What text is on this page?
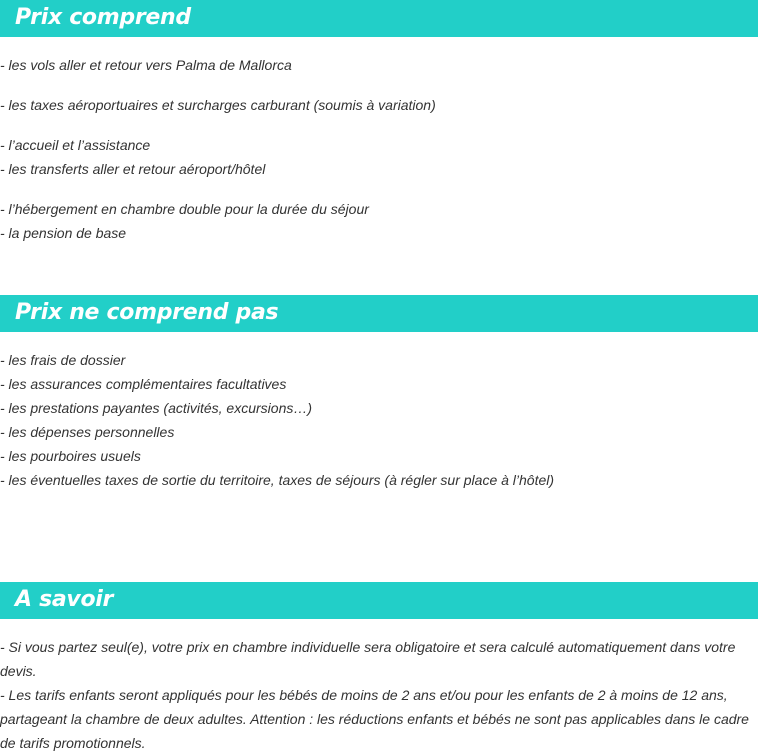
Prix comprend

- les vols aller et retour vers Palma de Mallorca

- les taxes aéroportuaires et surcharges carburant (soumis à variation)

- l’accueil et l’assistance

- les transferts aller et retour aéroport/hôtel

- l’hébergement en chambre double pour la durée du séjour

- la pension de base

Prix ne comprend pas

- les frais de dossier

- les assurances complémentaires facultatives

- les prestations payantes (activités, excursions…)

- les dépenses personnelles

- les pourboires usuels

- les éventuelles taxes de sortie du territoire, taxes de séjours (à régler sur place à l’hôtel)

A savoir

- Si vous partez seul(e), votre prix en chambre individuelle sera obligatoire et sera calculé automatiquement dans votre devis.

- Les tarifs enfants seront appliqués pour les bébés de moins de 2 ans et/ou pour les enfants de 2 à moins de 12 ans, partageant la chambre de deux adultes. Attention : les réductions enfants et bébés ne sont pas applicables dans le cadre de tarifs promotionnels.
